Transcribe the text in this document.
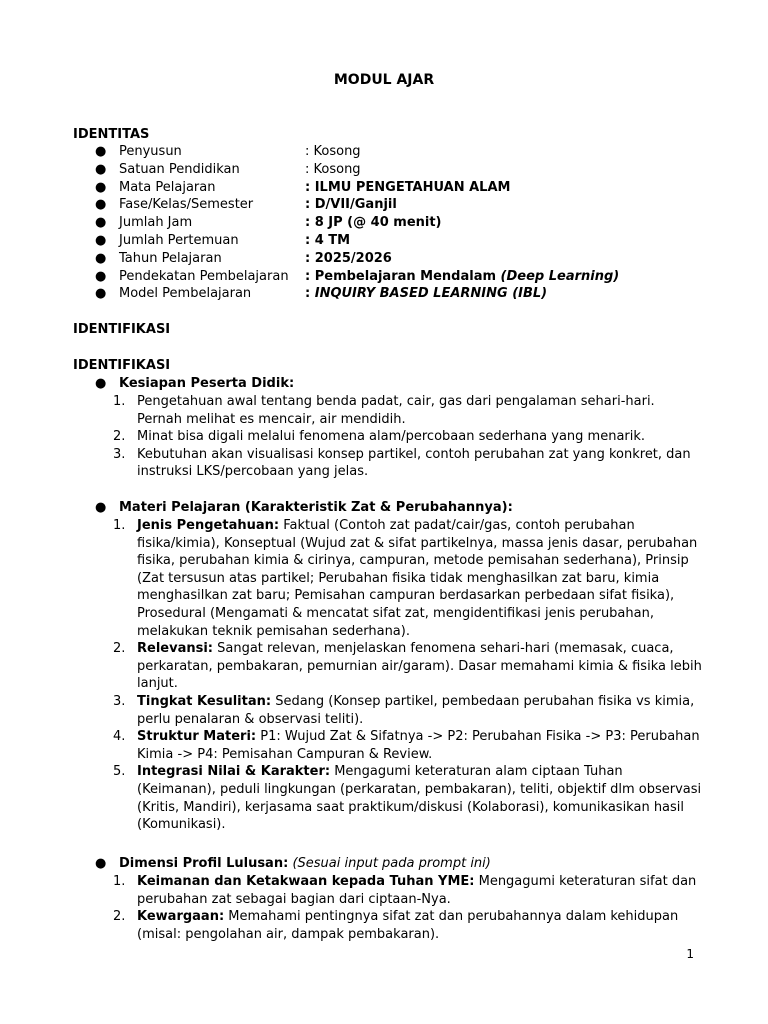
MODUL AJAR
IDENTITAS
● Penyusun	: Kosong
● Satuan Pendidikan	: Kosong
● Mata Pelajaran	: ILMU PENGETAHUAN ALAM
● Fase/Kelas/Semester	: D/VII/Ganjil
● Jumlah Jam	: 8 JP (@ 40 menit)
● Jumlah Pertemuan	: 4 TM
● Tahun Pelajaran	: 2025/2026
● Pendekatan Pembelajaran : Pembelajaran Mendalam (Deep Learning)
● Model Pembelajaran	: INQUIRY BASED LEARNING (IBL)
IDENTIFIKASI
IDENTIFIKASI
● Kesiapan Peserta Didik:
1. Pengetahuan awal tentang benda padat, cair, gas dari pengalaman sehari-hari. Pernah melihat es mencair, air mendidih.
2. Minat bisa digali melalui fenomena alam/percobaan sederhana yang menarik.
3. Kebutuhan akan visualisasi konsep partikel, contoh perubahan zat yang konkret, dan instruksi LKS/percobaan yang jelas.
● Materi Pelajaran (Karakteristik Zat & Perubahannya):
1. Jenis Pengetahuan: Faktual (Contoh zat padat/cair/gas, contoh perubahan fisika/kimia), Konseptual (Wujud zat & sifat partikelnya, massa jenis dasar, perubahan fisika, perubahan kimia & cirinya, campuran, metode pemisahan sederhana), Prinsip (Zat tersusun atas partikel; Perubahan fisika tidak menghasilkan zat baru, kimia menghasilkan zat baru; Pemisahan campuran berdasarkan perbedaan sifat fisika), Prosedural (Mengamati & mencatat sifat zat, mengidentifikasi jenis perubahan, melakukan teknik pemisahan sederhana).
2. Relevansi: Sangat relevan, menjelaskan fenomena sehari-hari (memasak, cuaca, perkaratan, pembakaran, pemurnian air/garam). Dasar memahami kimia & fisika lebih lanjut.
3. Tingkat Kesulitan: Sedang (Konsep partikel, pembedaan perubahan fisika vs kimia, perlu penalaran & observasi teliti).
4. Struktur Materi: P1: Wujud Zat & Sifatnya -> P2: Perubahan Fisika -> P3: Perubahan Kimia -> P4: Pemisahan Campuran & Review.
5. Integrasi Nilai & Karakter: Mengagumi keteraturan alam ciptaan Tuhan (Keimanan), peduli lingkungan (perkaratan, pembakaran), teliti, objektif dlm observasi (Kritis, Mandiri), kerjasama saat praktikum/diskusi (Kolaborasi), komunikasikan hasil (Komunikasi).
● Dimensi Profil Lulusan: (Sesuai input pada prompt ini)
1. Keimanan dan Ketakwaan kepada Tuhan YME: Mengagumi keteraturan sifat dan perubahan zat sebagai bagian dari ciptaan-Nya.
2. Kewargaan: Memahami pentingnya sifat zat dan perubahannya dalam kehidupan (misal: pengolahan air, dampak pembakaran).
1
